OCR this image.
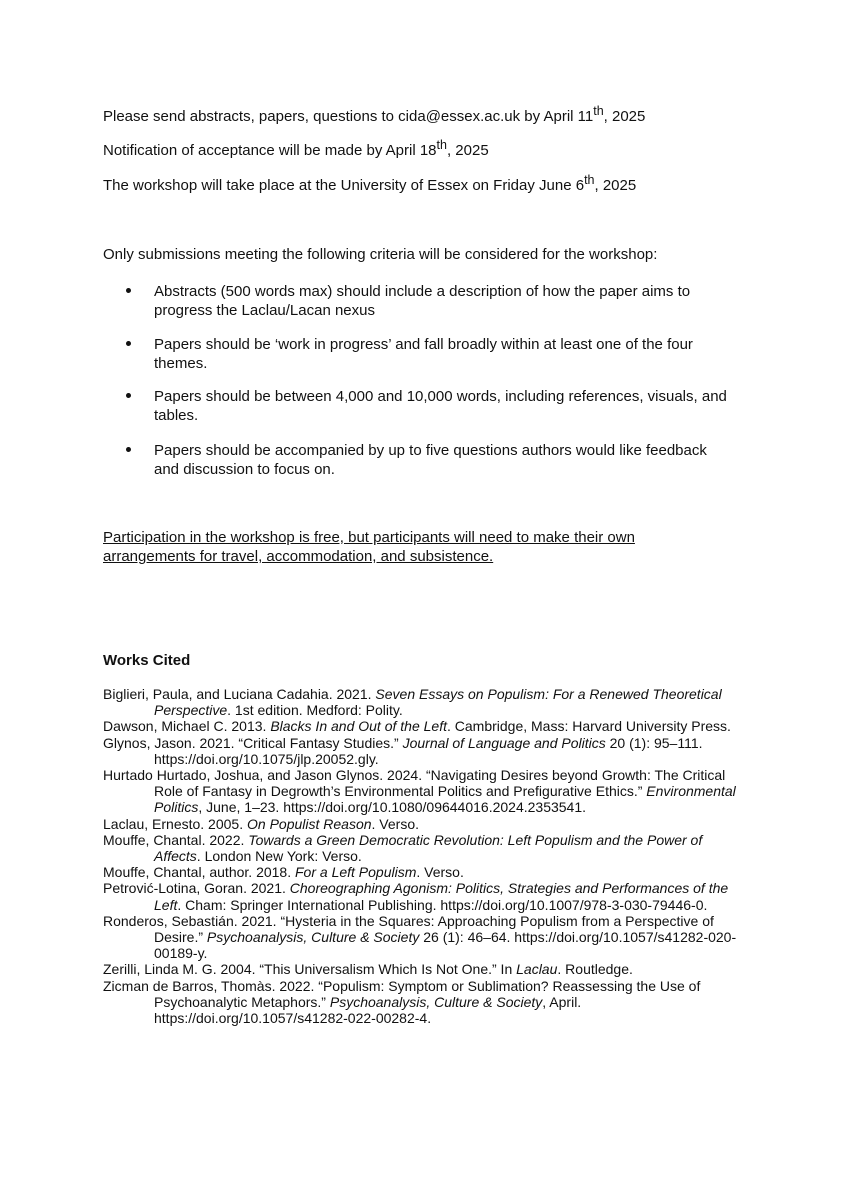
Please send abstracts, papers, questions to cida@essex.ac.uk by April 11th, 2025

Notification of acceptance will be made by April 18th, 2025

The workshop will take place at the University of Essex on Friday June 6th, 2025

Only submissions meeting the following criteria will be considered for the workshop:

Abstracts (500 words max) should include a description of how the paper aims to progress the Laclau/Lacan nexus
Papers should be ‘work in progress’ and fall broadly within at least one of the four themes.
Papers should be between 4,000 and 10,000 words, including references, visuals, and tables.
Papers should be accompanied by up to five questions authors would like feedback and discussion to focus on.

Participation in the workshop is free, but participants will need to make their own arrangements for travel, accommodation, and subsistence.

Works Cited

Biglieri, Paula, and Luciana Cadahia. 2021. Seven Essays on Populism: For a Renewed Theoretical Perspective. 1st edition. Medford: Polity.
Dawson, Michael C. 2013. Blacks In and Out of the Left. Cambridge, Mass: Harvard University Press.
Glynos, Jason. 2021. “Critical Fantasy Studies.” Journal of Language and Politics 20 (1): 95–111. https://doi.org/10.1075/jlp.20052.gly.
Hurtado Hurtado, Joshua, and Jason Glynos. 2024. “Navigating Desires beyond Growth: The Critical Role of Fantasy in Degrowth’s Environmental Politics and Prefigurative Ethics.” Environmental Politics, June, 1–23. https://doi.org/10.1080/09644016.2024.2353541.
Laclau, Ernesto. 2005. On Populist Reason. Verso.
Mouffe, Chantal. 2022. Towards a Green Democratic Revolution: Left Populism and the Power of Affects. London New York: Verso.
Mouffe, Chantal, author. 2018. For a Left Populism. Verso.
Petrović-Lotina, Goran. 2021. Choreographing Agonism: Politics, Strategies and Performances of the Left. Cham: Springer International Publishing. https://doi.org/10.1007/978-3-030-79446-0.
Ronderos, Sebastián. 2021. “Hysteria in the Squares: Approaching Populism from a Perspective of Desire.” Psychoanalysis, Culture & Society 26 (1): 46–64. https://doi.org/10.1057/s41282-020-00189-y.
Zerilli, Linda M. G. 2004. “This Universalism Which Is Not One.” In Laclau. Routledge.
Zicman de Barros, Thomàs. 2022. “Populism: Symptom or Sublimation? Reassessing the Use of Psychoanalytic Metaphors.” Psychoanalysis, Culture & Society, April. https://doi.org/10.1057/s41282-022-00282-4.
